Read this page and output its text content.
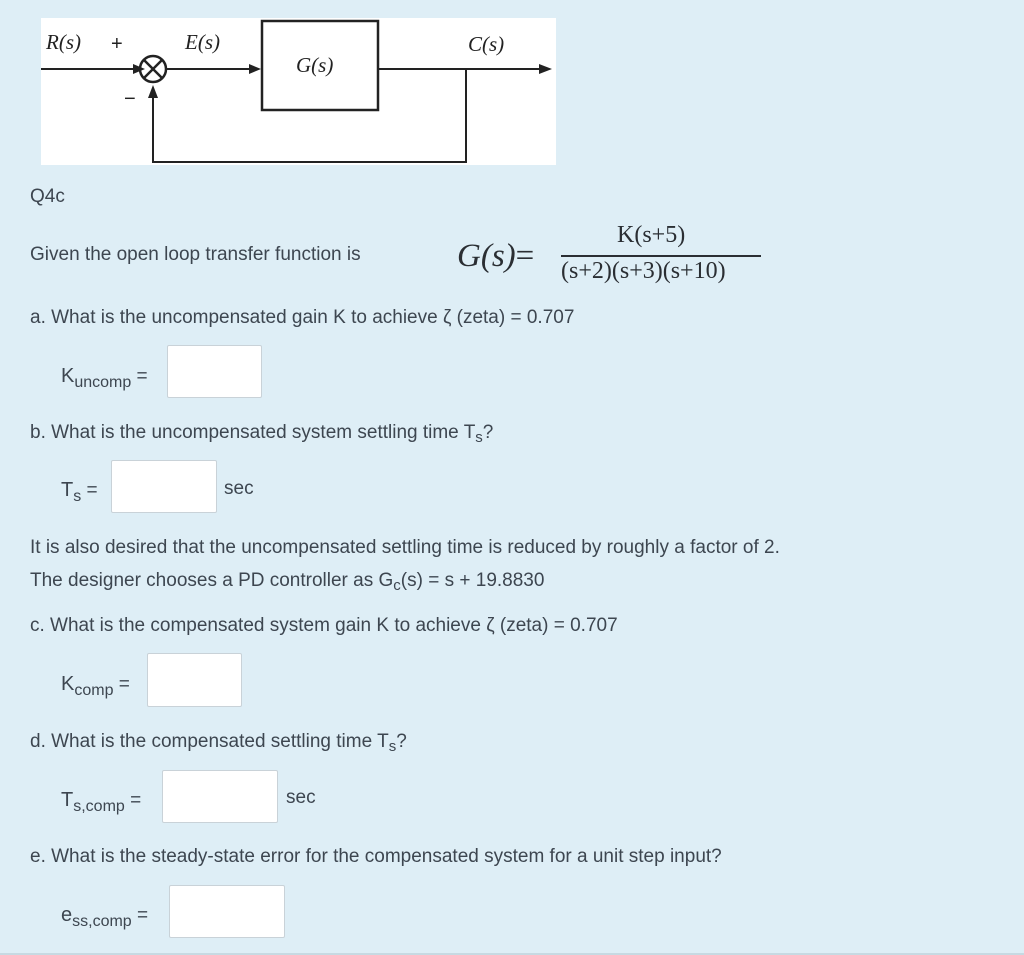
R(s) +
−
E(s)
G(s)
C(s)
Q4c
Given the open loop transfer function is	G(s)=
K(s+5)
(s+2)(s+3)(s+10)
a. What is the uncompensated gain K to achieve ζ (zeta) = 0.707
$K_{uncomp}$ =
b. What is the uncompensated system settling time $T_s$?
$T_s$ =	sec
It is also desired that the uncompensated settling time is reduced by roughly a factor of 2.
The designer chooses a PD controller as $G_c(s) = s + 19.8830$
c. What is the compensated system gain K to achieve ζ (zeta) = 0.707
$K_{comp}$ =
d. What is the compensated settling time $T_s$?
$T_{s,comp}$ =	sec
e. What is the steady-state error for the compensated system for a unit step input?
$e_{ss,comp}$ =
